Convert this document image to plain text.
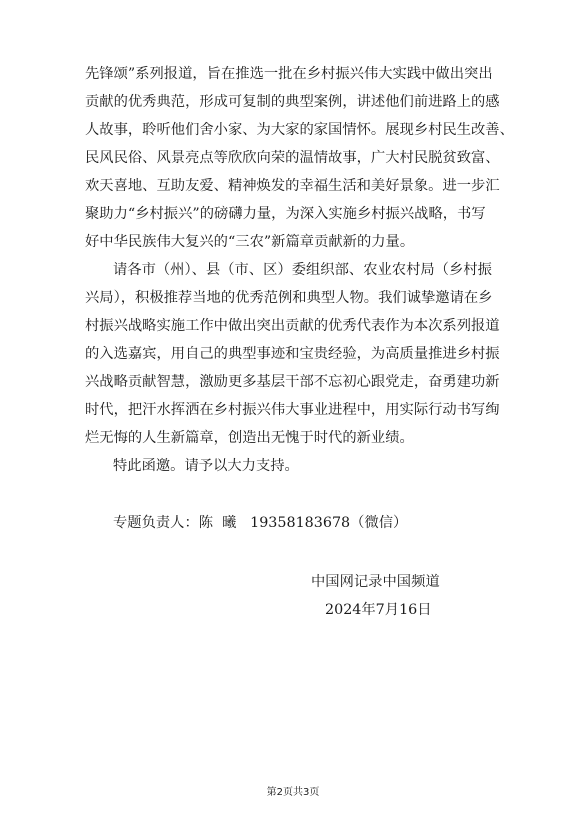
先锋颂”系列报道，旨在推选一批在乡村振兴伟大实践中做出突出
贡献的优秀典范，形成可复制的典型案例，讲述他们前进路上的感
人故事，聆听他们舍小家、为大家的家国情怀。展现乡村民生改善、
民风民俗、风景亮点等欣欣向荣的温情故事，广大村民脱贫致富、
欢天喜地、互助友爱、精神焕发的幸福生活和美好景象。进一步汇
聚助力“乡村振兴”的磅礴力量，为深入实施乡村振兴战略，书写
好中华民族伟大复兴的“三农”新篇章贡献新的力量。
请各市（州）、县（市、区）委组织部、农业农村局（乡村振
兴局），积极推荐当地的优秀范例和典型人物。我们诚挚邀请在乡
村振兴战略实施工作中做出突出贡献的优秀代表作为本次系列报道
的入选嘉宾，用自己的典型事迹和宝贵经验，为高质量推进乡村振
兴战略贡献智慧，激励更多基层干部不忘初心跟党走，奋勇建功新
时代，把汗水挥洒在乡村振兴伟大事业进程中，用实际行动书写绚
烂无悔的人生新篇章，创造出无愧于时代的新业绩。
特此函邀。请予以大力支持。
专题负责人：陈  曦   19358183678（微信）
中国网记录中国频道
2024年7月16日
第2页共3页
